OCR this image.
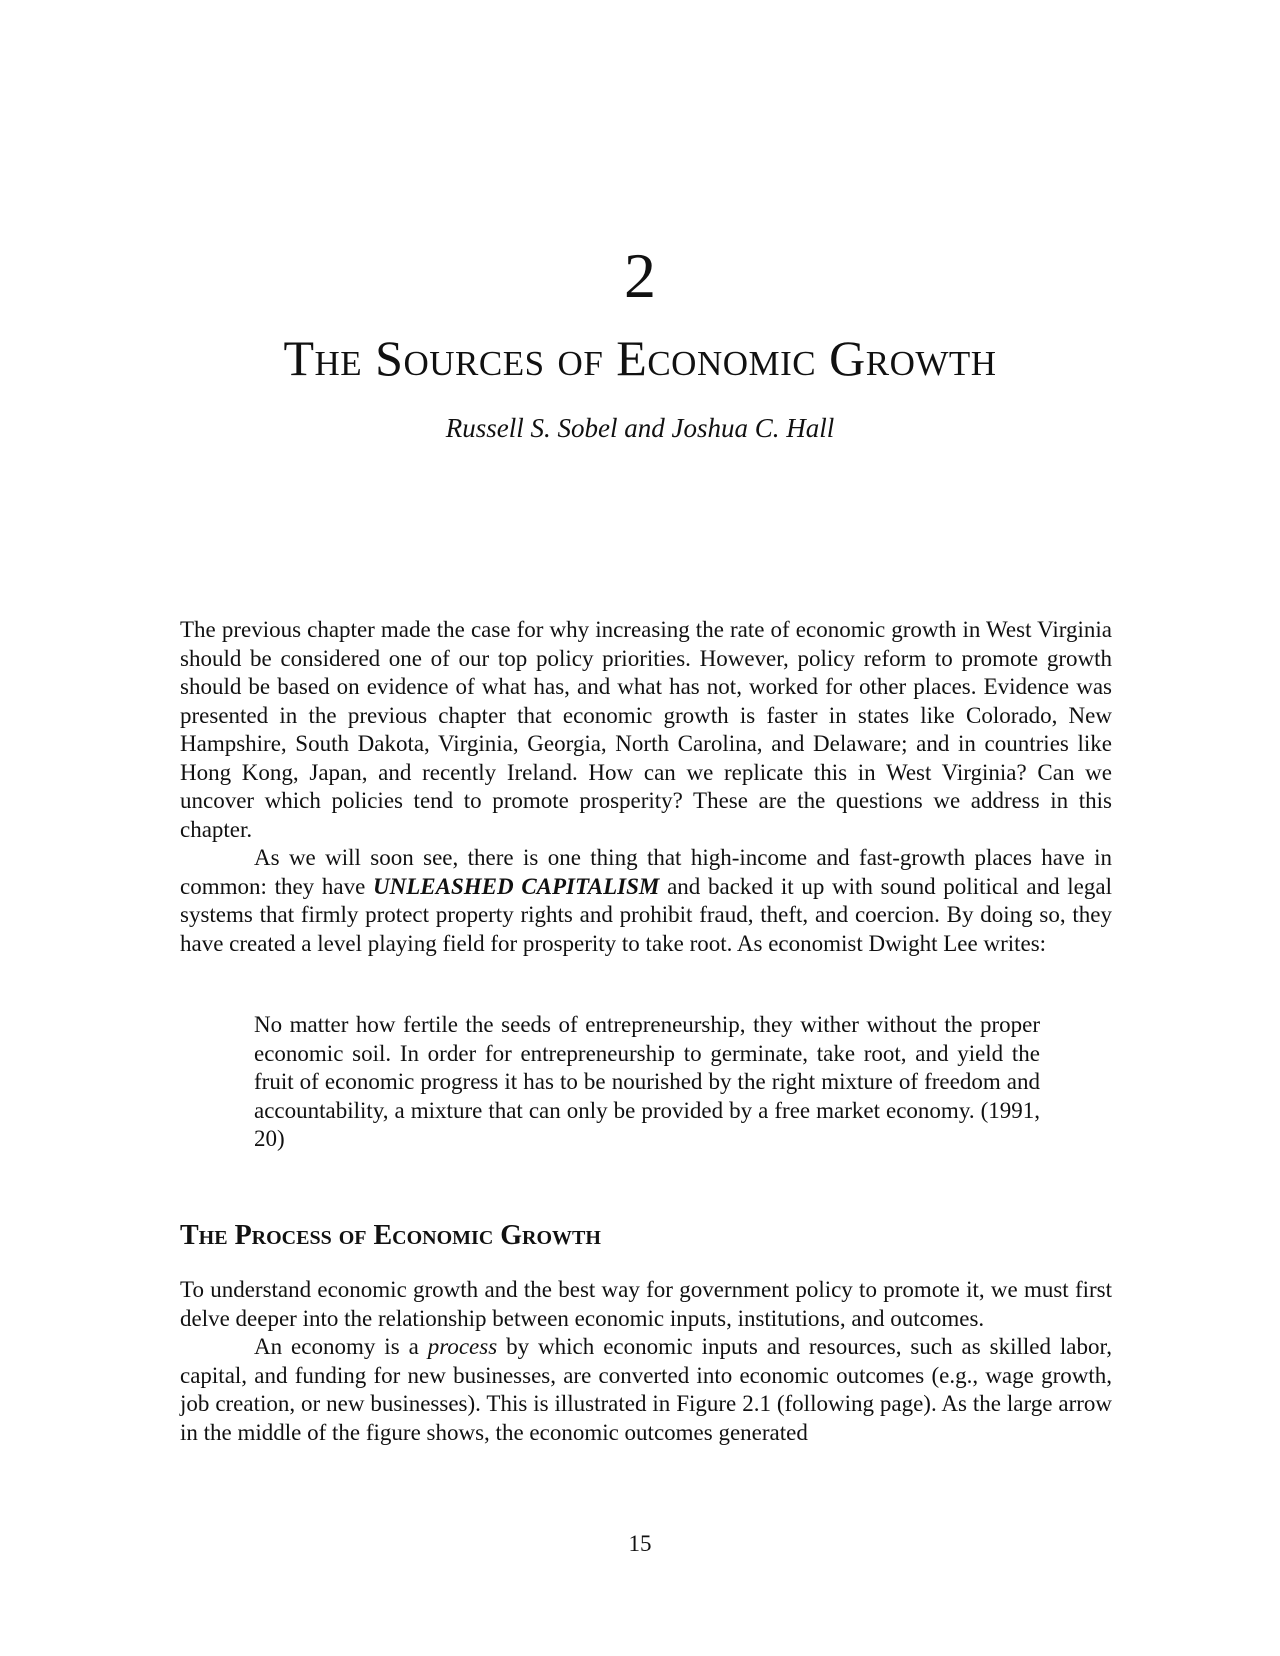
2
The Sources of Economic Growth
Russell S. Sobel and Joshua C. Hall

The previous chapter made the case for why increasing the rate of economic growth in West Virginia should be considered one of our top policy priorities. However, policy reform to promote growth should be based on evidence of what has, and what has not, worked for other places. Evidence was presented in the previous chapter that economic growth is faster in states like Colorado, New Hampshire, South Dakota, Virginia, Georgia, North Carolina, and Delaware; and in countries like Hong Kong, Japan, and recently Ireland. How can we replicate this in West Virginia? Can we uncover which policies tend to promote prosperity? These are the questions we address in this chapter.

As we will soon see, there is one thing that high-income and fast-growth places have in common: they have UNLEASHED CAPITALISM and backed it up with sound political and legal systems that firmly protect property rights and prohibit fraud, theft, and coercion. By doing so, they have created a level playing field for prosperity to take root. As economist Dwight Lee writes:

No matter how fertile the seeds of entrepreneurship, they wither without the proper economic soil. In order for entrepreneurship to germinate, take root, and yield the fruit of economic progress it has to be nourished by the right mixture of freedom and accountability, a mixture that can only be provided by a free market economy. (1991, 20)

The Process of Economic Growth

To understand economic growth and the best way for government policy to promote it, we must first delve deeper into the relationship between economic inputs, institutions, and outcomes.

An economy is a process by which economic inputs and resources, such as skilled labor, capital, and funding for new businesses, are converted into economic outcomes (e.g., wage growth, job creation, or new businesses). This is illustrated in Figure 2.1 (following page). As the large arrow in the middle of the figure shows, the economic outcomes generated

15
